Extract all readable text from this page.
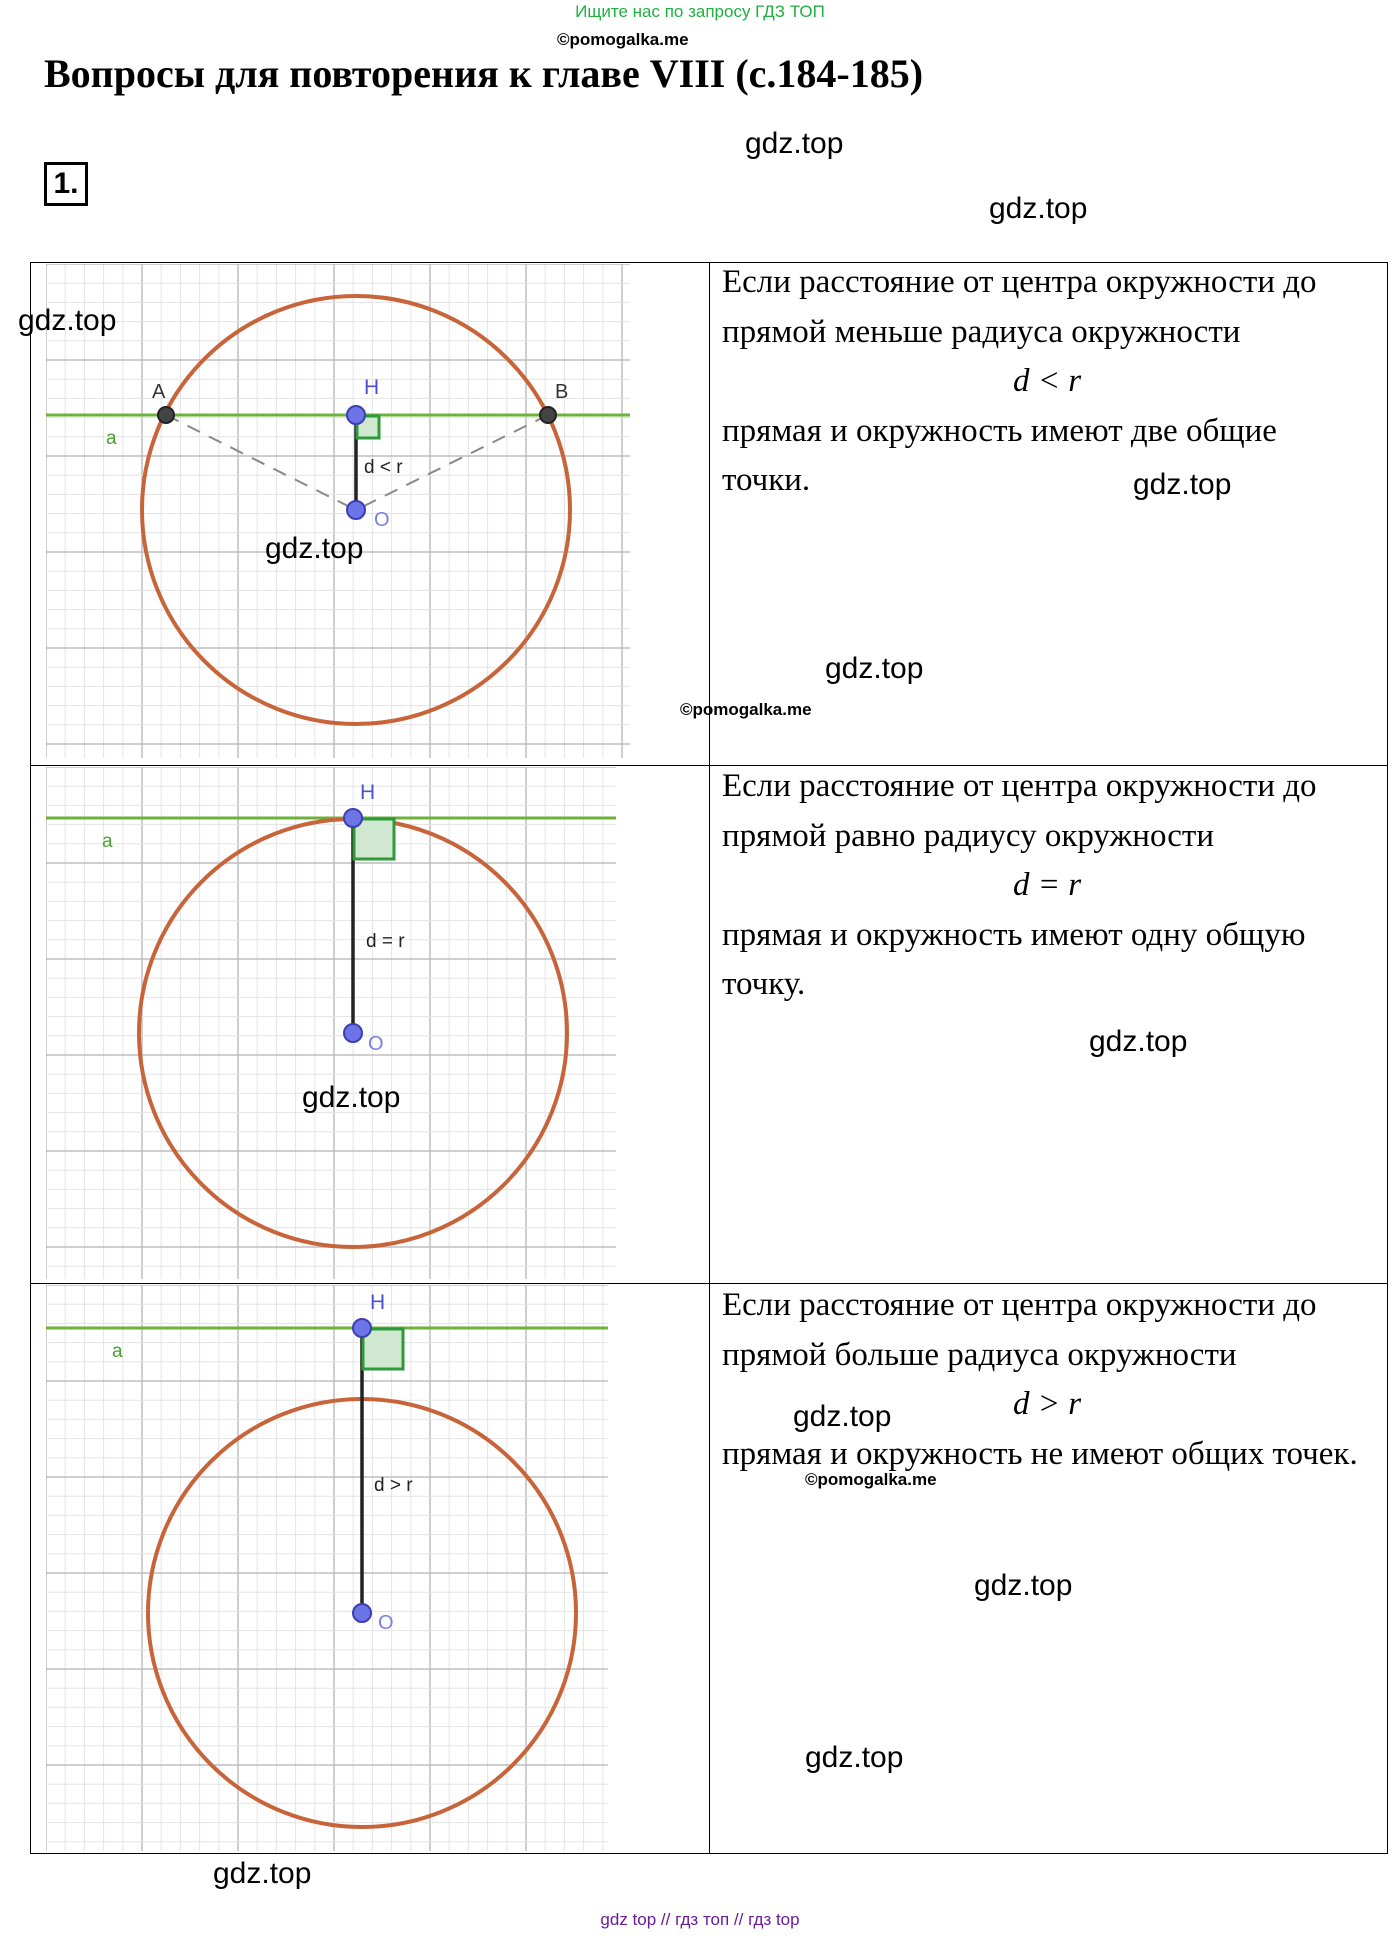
Ищите нас по запросу ГДЗ ТОП
©pomogalka.me
Вопросы для повторения к главе VIII (с.184-185)
1.
A	B
H
O
a
d < r
H
O
a
d = r
H
O
a
d > r
Если расстояние от центра окружности до прямой меньше радиуса окружности
d < r
прямая и окружность имеют две общие точки.
Если расстояние от центра окружности до прямой равно радиусу окружности
d = r
прямая и окружность имеют одну общую точку.
Если расстояние от центра окружности до прямой больше радиуса окружности
d > r
прямая и окружность не имеют общих точек.
gdz.top
gdz.top
gdz.top
gdz.top
gdz.top
gdz.top
©pomogalka.me
gdz.top
gdz.top
gdz.top
©pomogalka.me
gdz.top
gdz.top
gdz.top
gdz top // гдз топ // гдз top
